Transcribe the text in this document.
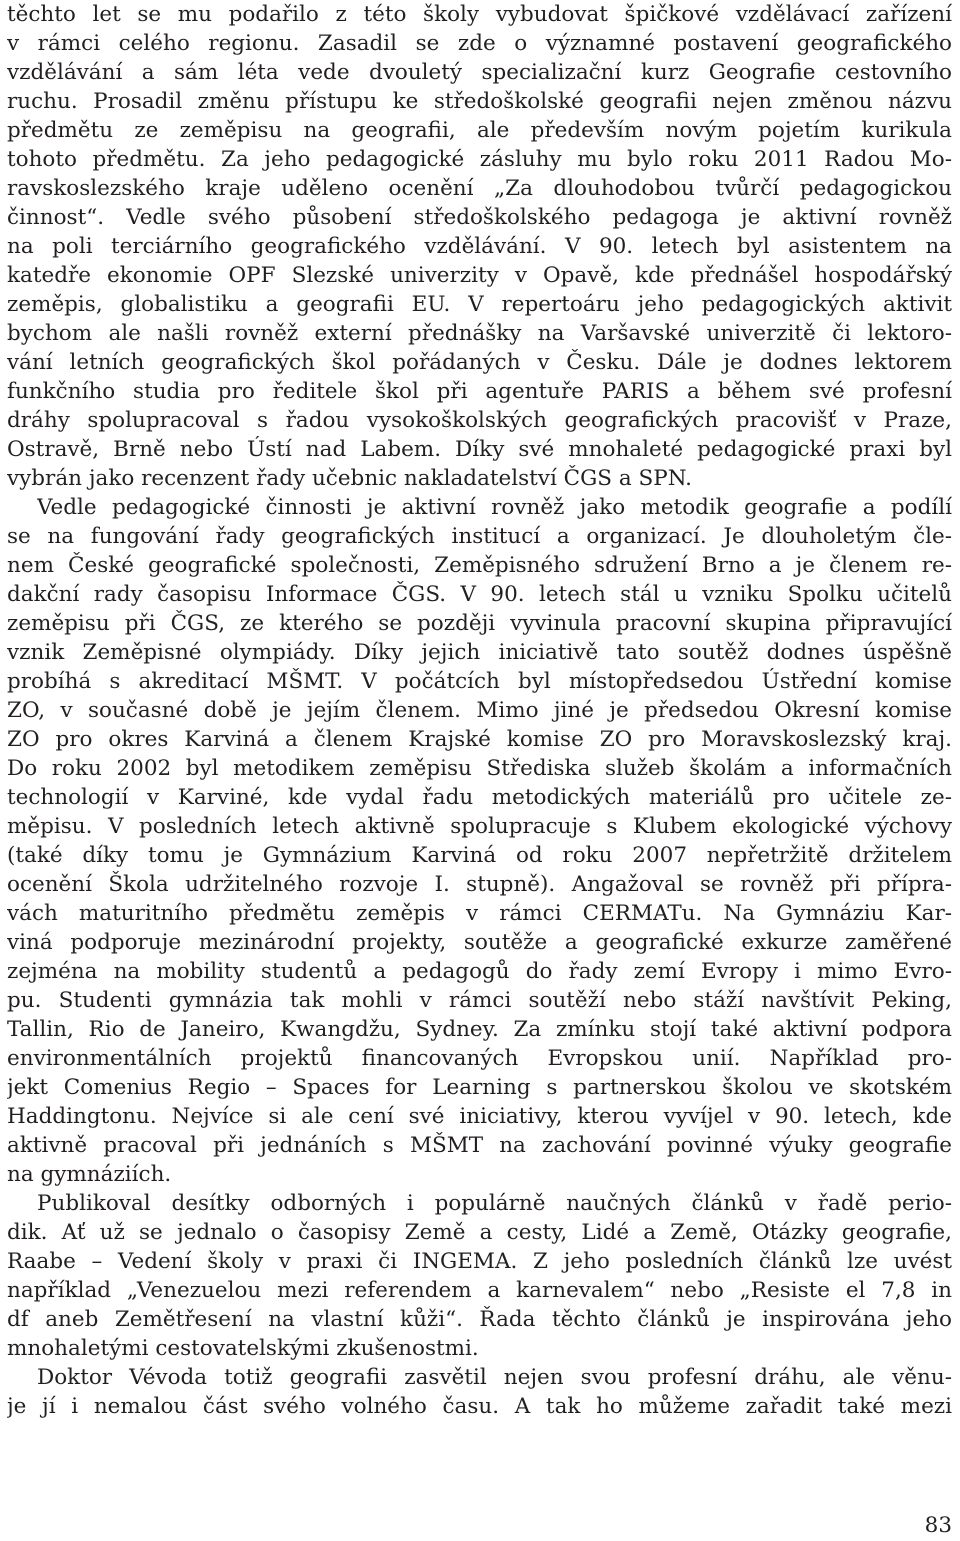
těchto let se mu podařilo z této školy vybudovat špičkové vzdělávací zařízení
v rámci celého regionu. Zasadil se zde o významné postavení geografického
vzdělávání a sám léta vede dvouletý specializační kurz Geografie cestovního
ruchu. Prosadil změnu přístupu ke středoškolské geografii nejen změnou názvu
předmětu ze zeměpisu na geografii, ale především novým pojetím kurikula
tohoto předmětu. Za jeho pedagogické zásluhy mu bylo roku 2011 Radou Mo-
ravskoslezského kraje uděleno ocenění „Za dlouhodobou tvůrčí pedagogickou
činnost“. Vedle svého působení středoškolského pedagoga je aktivní rovněž
na poli terciárního geografického vzdělávání. V 90. letech byl asistentem na
katedře ekonomie OPF Slezské univerzity v Opavě, kde přednášel hospodářský
zeměpis, globalistiku a geografii EU. V repertoáru jeho pedagogických aktivit
bychom ale našli rovněž externí přednášky na Varšavské univerzitě či lektoro-
vání letních geografických škol pořádaných v Česku. Dále je dodnes lektorem
funkčního studia pro ředitele škol při agentuře PARIS a během své profesní
dráhy spolupracoval s řadou vysokoškolských geografických pracovišť v Praze,
Ostravě, Brně nebo Ústí nad Labem. Díky své mnohaleté pedagogické praxi byl
vybrán jako recenzent řady učebnic nakladatelství ČGS a SPN.
Vedle pedagogické činnosti je aktivní rovněž jako metodik geografie a podílí
se na fungování řady geografických institucí a organizací. Je dlouholetým čle-
nem České geografické společnosti, Zeměpisného sdružení Brno a je členem re-
dakční rady časopisu Informace ČGS. V 90. letech stál u vzniku Spolku učitelů
zeměpisu při ČGS, ze kterého se později vyvinula pracovní skupina připravující
vznik Zeměpisné olympiády. Díky jejich iniciativě tato soutěž dodnes úspěšně
probíhá s akreditací MŠMT. V počátcích byl místopředsedou Ústřední komise
ZO, v současné době je jejím členem. Mimo jiné je předsedou Okresní komise
ZO pro okres Karviná a členem Krajské komise ZO pro Moravskoslezský kraj.
Do roku 2002 byl metodikem zeměpisu Střediska služeb školám a informačních
technologií v Karviné, kde vydal řadu metodických materiálů pro učitele ze-
měpisu. V posledních letech aktivně spolupracuje s Klubem ekologické výchovy
(také díky tomu je Gymnázium Karviná od roku 2007 nepřetržitě držitelem
ocenění Škola udržitelného rozvoje I. stupně). Angažoval se rovněž při přípra-
vách maturitního předmětu zeměpis v rámci CERMATu. Na Gymnáziu Kar-
viná podporuje mezinárodní projekty, soutěže a geografické exkurze zaměřené
zejména na mobility studentů a pedagogů do řady zemí Evropy i mimo Evro-
pu. Studenti gymnázia tak mohli v rámci soutěží nebo stáží navštívit Peking,
Tallin, Rio de Janeiro, Kwangdžu, Sydney. Za zmínku stojí také aktivní podpora
environmentálních projektů financovaných Evropskou unií. Například pro-
jekt Comenius Regio – Spaces for Learning s partnerskou školou ve skotském
Haddingtonu. Nejvíce si ale cení své iniciativy, kterou vyvíjel v 90. letech, kde
aktivně pracoval při jednáních s MŠMT na zachování povinné výuky geografie
na gymnáziích.
Publikoval desítky odborných i populárně naučných článků v řadě perio-
dik. Ať už se jednalo o časopisy Země a cesty, Lidé a Země, Otázky geografie,
Raabe – Vedení školy v praxi či INGEMA. Z jeho posledních článků lze uvést
například „Venezuelou mezi referendem a karnevalem“ nebo „Resiste el 7,8 in
df aneb Zemětřesení na vlastní kůži“. Řada těchto článků je inspirována jeho
mnohaletými cestovatelskými zkušenostmi.
Doktor Vévoda totiž geografii zasvětil nejen svou profesní dráhu, ale věnu-
je jí i nemalou část svého volného času. A tak ho můžeme zařadit také mezi
83
